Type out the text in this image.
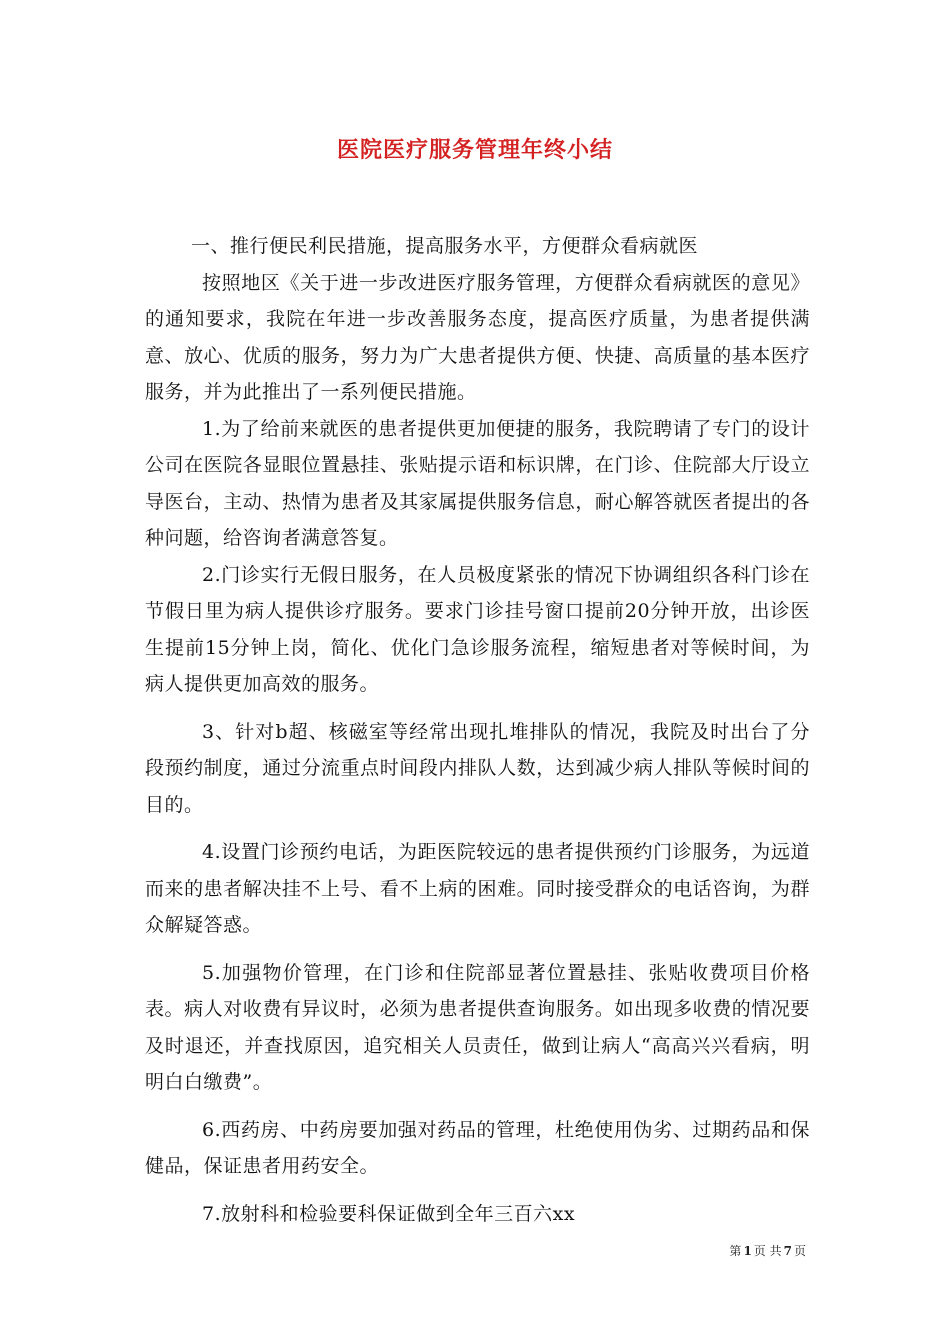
医院医疗服务管理年终小结

一、推行便民利民措施，提高服务水平，方便群众看病就医

按照地区《关于进一步改进医疗服务管理，方便群众看病就医的意见》的通知要求，我院在年进一步改善服务态度，提高医疗质量，为患者提供满意、放心、优质的服务，努力为广大患者提供方便、快捷、高质量的基本医疗服务，并为此推出了一系列便民措施。

1.为了给前来就医的患者提供更加便捷的服务，我院聘请了专门的设计公司在医院各显眼位置悬挂、张贴提示语和标识牌，在门诊、住院部大厅设立导医台，主动、热情为患者及其家属提供服务信息，耐心解答就医者提出的各种问题，给咨询者满意答复。

2.门诊实行无假日服务，在人员极度紧张的情况下协调组织各科门诊在节假日里为病人提供诊疗服务。要求门诊挂号窗口提前20分钟开放，出诊医生提前15分钟上岗，简化、优化门急诊服务流程，缩短患者对等候时间，为病人提供更加高效的服务。

3、针对b超、核磁室等经常出现扎堆排队的情况，我院及时出台了分段预约制度，通过分流重点时间段内排队人数，达到减少病人排队等候时间的目的。

4.设置门诊预约电话，为距医院较远的患者提供预约门诊服务，为远道而来的患者解决挂不上号、看不上病的困难。同时接受群众的电话咨询，为群众解疑答惑。

5.加强物价管理，在门诊和住院部显著位置悬挂、张贴收费项目价格表。病人对收费有异议时，必须为患者提供查询服务。如出现多收费的情况要及时退还，并查找原因，追究相关人员责任，做到让病人“高高兴兴看病，明明白白缴费”。

6.西药房、中药房要加强对药品的管理，杜绝使用伪劣、过期药品和保健品，保证患者用药安全。

7.放射科和检验要科保证做到全年三百六xx

第 1 页 共 7 页
